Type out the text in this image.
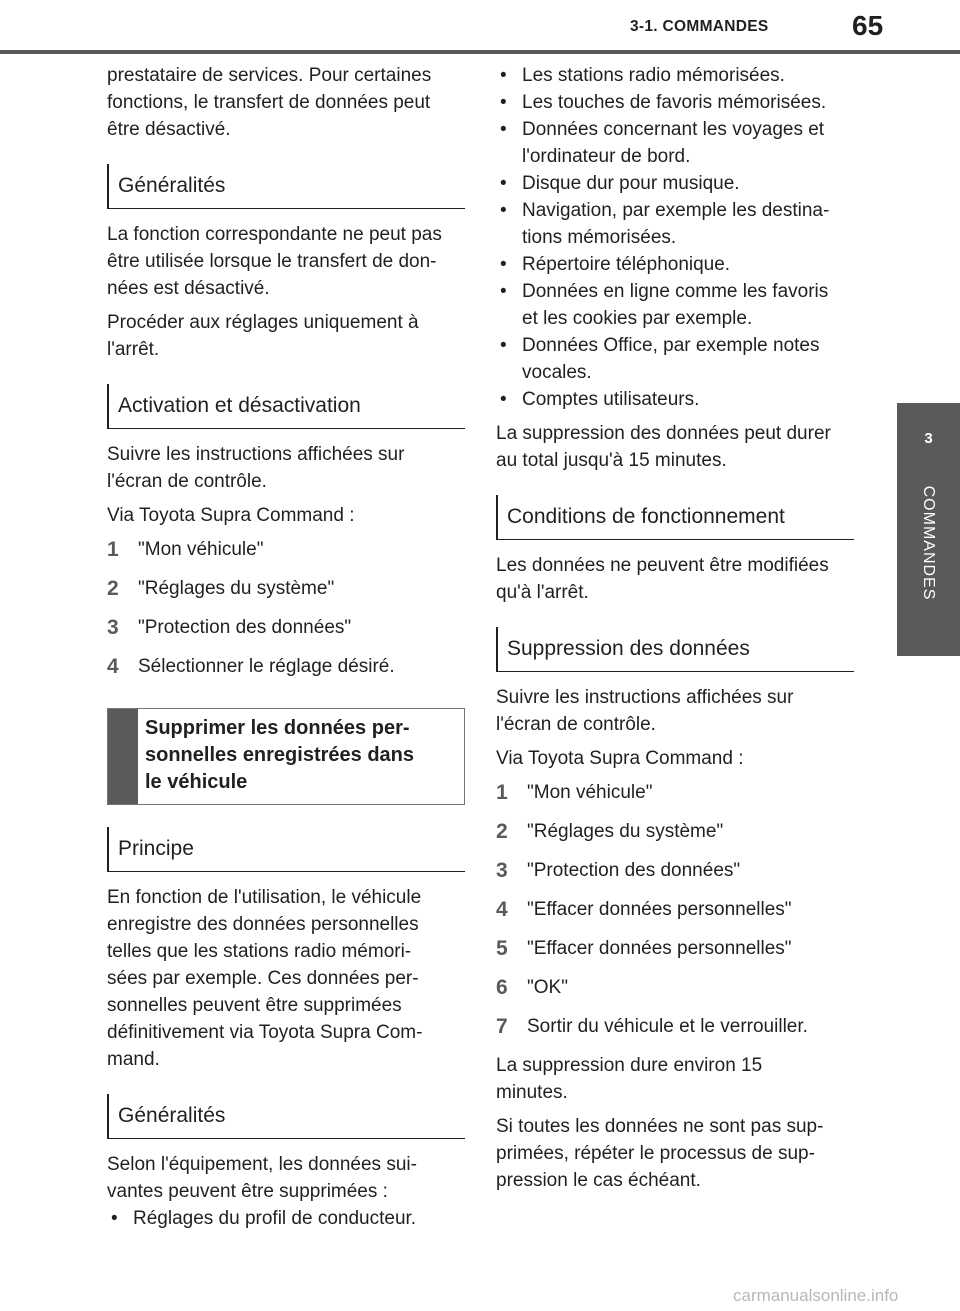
3-1. COMMANDES	65
3
COMMANDES
prestataire de services. Pour certaines
fonctions, le transfert de données peut
être désactivé.
Généralités
La fonction correspondante ne peut pas
être utilisée lorsque le transfert de don-
nées est désactivé.
Procéder aux réglages uniquement à
l'arrêt.
Activation et désactivation
Suivre les instructions affichées sur
l'écran de contrôle.
Via Toyota Supra Command :
1 "Mon véhicule"
2 "Réglages du système"
3 "Protection des données"
4 Sélectionner le réglage désiré.
Supprimer les données per-
sonnelles enregistrées dans
le véhicule
Principe
En fonction de l'utilisation, le véhicule
enregistre des données personnelles
telles que les stations radio mémori-
sées par exemple. Ces données per-
sonnelles peuvent être supprimées
définitivement via Toyota Supra Com-
mand.
Généralités
Selon l'équipement, les données sui-
vantes peuvent être supprimées :
• Réglages du profil de conducteur.
• Les stations radio mémorisées.
• Les touches de favoris mémorisées.
• Données concernant les voyages et
l'ordinateur de bord.
• Disque dur pour musique.
• Navigation, par exemple les destina-
tions mémorisées.
• Répertoire téléphonique.
• Données en ligne comme les favoris
et les cookies par exemple.
• Données Office, par exemple notes
vocales.
• Comptes utilisateurs.
La suppression des données peut durer
au total jusqu'à 15 minutes.
Conditions de fonctionnement
Les données ne peuvent être modifiées
qu'à l'arrêt.
Suppression des données
Suivre les instructions affichées sur
l'écran de contrôle.
Via Toyota Supra Command :
1 "Mon véhicule"
2 "Réglages du système"
3 "Protection des données"
4 "Effacer données personnelles"
5 "Effacer données personnelles"
6 "OK"
7 Sortir du véhicule et le verrouiller.
La suppression dure environ 15
minutes.
Si toutes les données ne sont pas sup-
primées, répéter le processus de sup-
pression le cas échéant.
carmanualsonline.info
